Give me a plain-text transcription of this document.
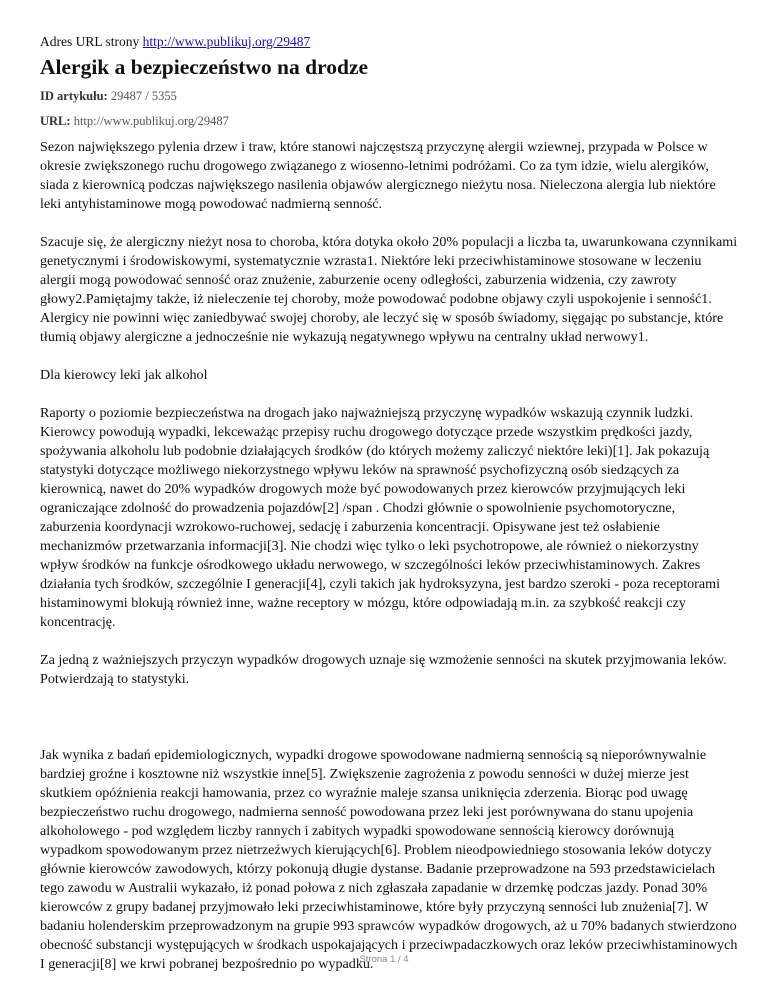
Adres URL strony http://www.publikuj.org/29487
Alergik a bezpieczeństwo na drodze
ID artykułu: 29487 / 5355
URL: http://www.publikuj.org/29487

Sezon największego pylenia drzew i traw, które stanowi najczęstszą przyczynę alergii wziewnej, przypada w Polsce w okresie zwiększonego ruchu drogowego związanego z wiosenno-letnimi podróżami. Co za tym idzie, wielu alergików, siada z kierownicą podczas największego nasilenia objawów alergicznego nieżytu nosa. Nieleczona alergia lub niektóre leki antyhistaminowe mogą powodować nadmierną senność.

Szacuje się, że alergiczny nieżyt nosa to choroba, która dotyka około 20% populacji a liczba ta, uwarunkowana czynnikami genetycznymi i środowiskowymi, systematycznie wzrasta1. Niektóre leki przeciwhistaminowe stosowane w leczeniu alergii mogą powodować senność oraz znużenie, zaburzenie oceny odległości, zaburzenia widzenia, czy zawroty głowy2.Pamiętajmy także, iż nieleczenie tej choroby, może powodować podobne objawy czyli uspokojenie i senność1. Alergicy nie powinni więc zaniedbywać swojej choroby, ale leczyć się w sposób świadomy, sięgając po substancje, które tłumią objawy alergiczne a jednocześnie nie wykazują negatywnego wpływu na centralny układ nerwowy1.

Dla kierowcy leki jak alkohol

Raporty o poziomie bezpieczeństwa na drogach jako najważniejszą przyczynę wypadków wskazują czynnik ludzki. Kierowcy powodują wypadki, lekceważąc przepisy ruchu drogowego dotyczące przede wszystkim prędkości jazdy, spożywania alkoholu lub podobnie działających środków (do których możemy zaliczyć niektóre leki)[1]. Jak pokazują statystyki dotyczące możliwego niekorzystnego wpływu leków na sprawność psychofizyczną osób siedzących za kierownicą, nawet do 20% wypadków drogowych może być powodowanych przez kierowców przyjmujących leki ograniczające zdolność do prowadzenia pojazdów[2] /span . Chodzi głównie o spowolnienie psychomotoryczne, zaburzenia koordynacji wzrokowo-ruchowej, sedację i zaburzenia koncentracji. Opisywane jest też osłabienie mechanizmów przetwarzania informacji[3]. Nie chodzi więc tylko o leki psychotropowe, ale również o niekorzystny wpływ środków na funkcje ośrodkowego układu nerwowego, w szczególności leków przeciwhistaminowych. Zakres działania tych środków, szczególnie I generacji[4], czyli takich jak hydroksyzyna, jest bardzo szeroki - poza receptorami histaminowymi blokują również inne, ważne receptory w mózgu, które odpowiadają m.in. za szybkość reakcji czy koncentrację.

Za jedną z ważniejszych przyczyn wypadków drogowych uznaje się wzmożenie senności na skutek przyjmowania leków. Potwierdzają to statystyki.

Jak wynika z badań epidemiologicznych, wypadki drogowe spowodowane nadmierną sennością są nieporównywalnie bardziej groźne i kosztowne niż wszystkie inne[5]. Zwiększenie zagrożenia z powodu senności w dużej mierze jest skutkiem opóźnienia reakcji hamowania, przez co wyraźnie maleje szansa uniknięcia zderzenia. Biorąc pod uwagę bezpieczeństwo ruchu drogowego, nadmierna senność powodowana przez leki jest porównywana do stanu upojenia alkoholowego - pod względem liczby rannych i zabitych wypadki spowodowane sennością kierowcy dorównują wypadkom spowodowanym przez nietrzeźwych kierujących[6]. Problem nieodpowiedniego stosowania leków dotyczy głównie kierowców zawodowych, którzy pokonują długie dystanse. Badanie przeprowadzone na 593 przedstawicielach tego zawodu w Australii wykazało, iż ponad połowa z nich zgłaszała zapadanie w drzemkę podczas jazdy. Ponad 30% kierowców z grupy badanej przyjmowało leki przeciwhistaminowe, które były przyczyną senności lub znużenia[7]. W badaniu holenderskim przeprowadzonym na grupie 993 sprawców wypadków drogowych, aż u 70% badanych stwierdzono obecność substancji występujących w środkach uspokajających i przeciwpadaczkowych oraz leków przeciwhistaminowych I generacji[8] we krwi pobranej bezpośrednio po wypadku.

Strona 1 / 4
